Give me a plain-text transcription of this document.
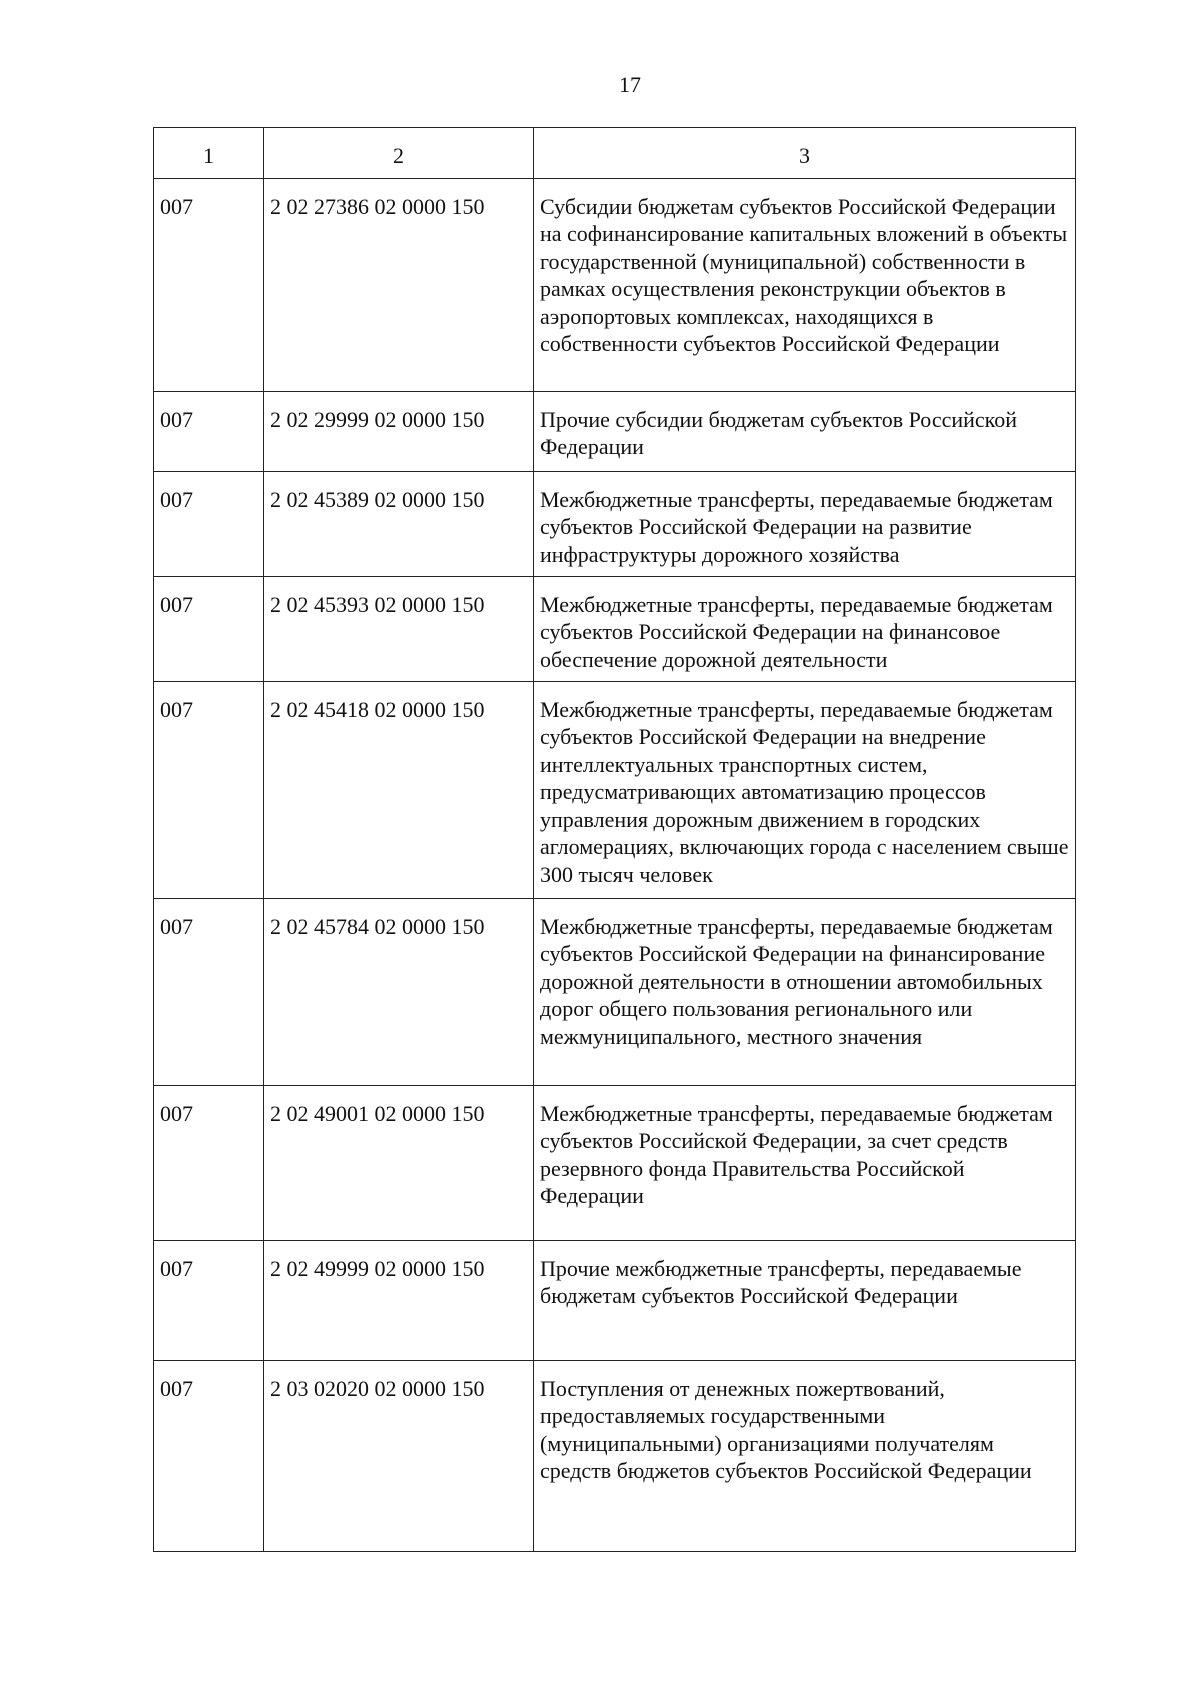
17
1	2	3
007	2 02 27386 02 0000 150	Субсидии бюджетам субъектов Российской Федерации на софинансирование капитальных вложений в объекты государственной (муниципальной) собственности в рамках осуществления реконструкции объектов в аэропортовых комплексах, находящихся в собственности субъектов Российской Федерации
007	2 02 29999 02 0000 150	Прочие субсидии бюджетам субъектов Российской Федерации
007	2 02 45389 02 0000 150	Межбюджетные трансферты, передаваемые бюджетам субъектов Российской Федерации на развитие инфраструктуры дорожного хозяйства
007	2 02 45393 02 0000 150	Межбюджетные трансферты, передаваемые бюджетам субъектов Российской Федерации на финансовое обеспечение дорожной деятельности
007	2 02 45418 02 0000 150	Межбюджетные трансферты, передаваемые бюджетам субъектов Российской Федерации на внедрение интеллектуальных транспортных систем, предусматривающих автоматизацию процессов управления дорожным движением в городских агломерациях, включающих города с населением свыше 300 тысяч человек
007	2 02 45784 02 0000 150	Межбюджетные трансферты, передаваемые бюджетам субъектов Российской Федерации на финансирование дорожной деятельности в отношении автомобильных дорог общего пользования регионального или межмуниципального, местного значения
007	2 02 49001 02 0000 150	Межбюджетные трансферты, передаваемые бюджетам субъектов Российской Федерации, за счет средств резервного фонда Правительства Российской Федерации
007	2 02 49999 02 0000 150	Прочие межбюджетные трансферты, передаваемые бюджетам субъектов Российской Федерации
007	2 03 02020 02 0000 150	Поступления от денежных пожертвований, предоставляемых государственными (муниципальными) организациями получателям средств бюджетов субъектов Российской Федерации
